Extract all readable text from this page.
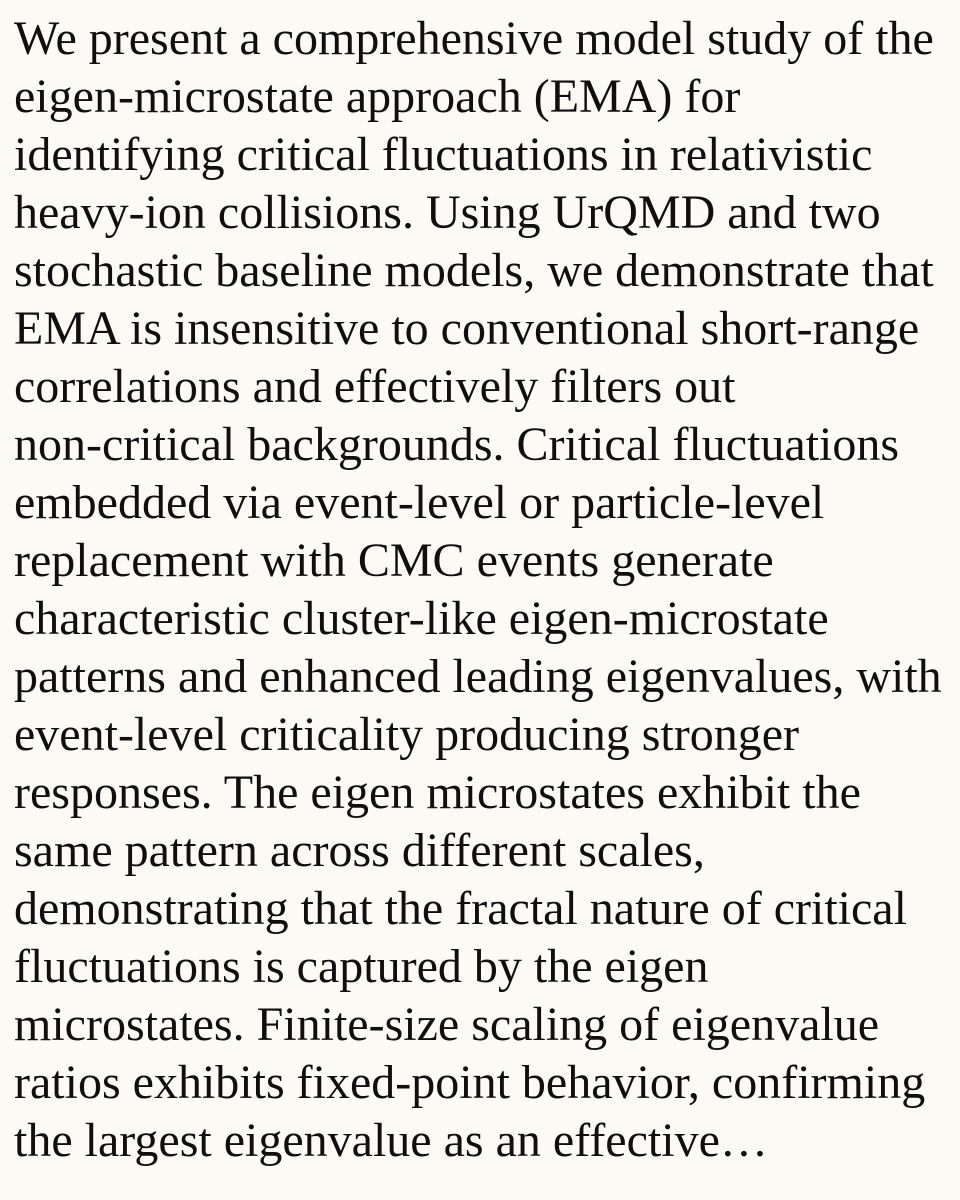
We present a comprehensive model study of the
eigen-microstate approach (EMA) for
identifying critical fluctuations in relativistic
heavy-ion collisions. Using UrQMD and two
stochastic baseline models, we demonstrate that
EMA is insensitive to conventional short-range
correlations and effectively filters out
non-critical backgrounds. Critical fluctuations
embedded via event-level or particle-level
replacement with CMC events generate
characteristic cluster-like eigen-microstate
patterns and enhanced leading eigenvalues, with
event-level criticality producing stronger
responses. The eigen microstates exhibit the
same pattern across different scales,
demonstrating that the fractal nature of critical
fluctuations is captured by the eigen
microstates. Finite-size scaling of eigenvalue
ratios exhibits fixed-point behavior, confirming
the largest eigenvalue as an effective…
